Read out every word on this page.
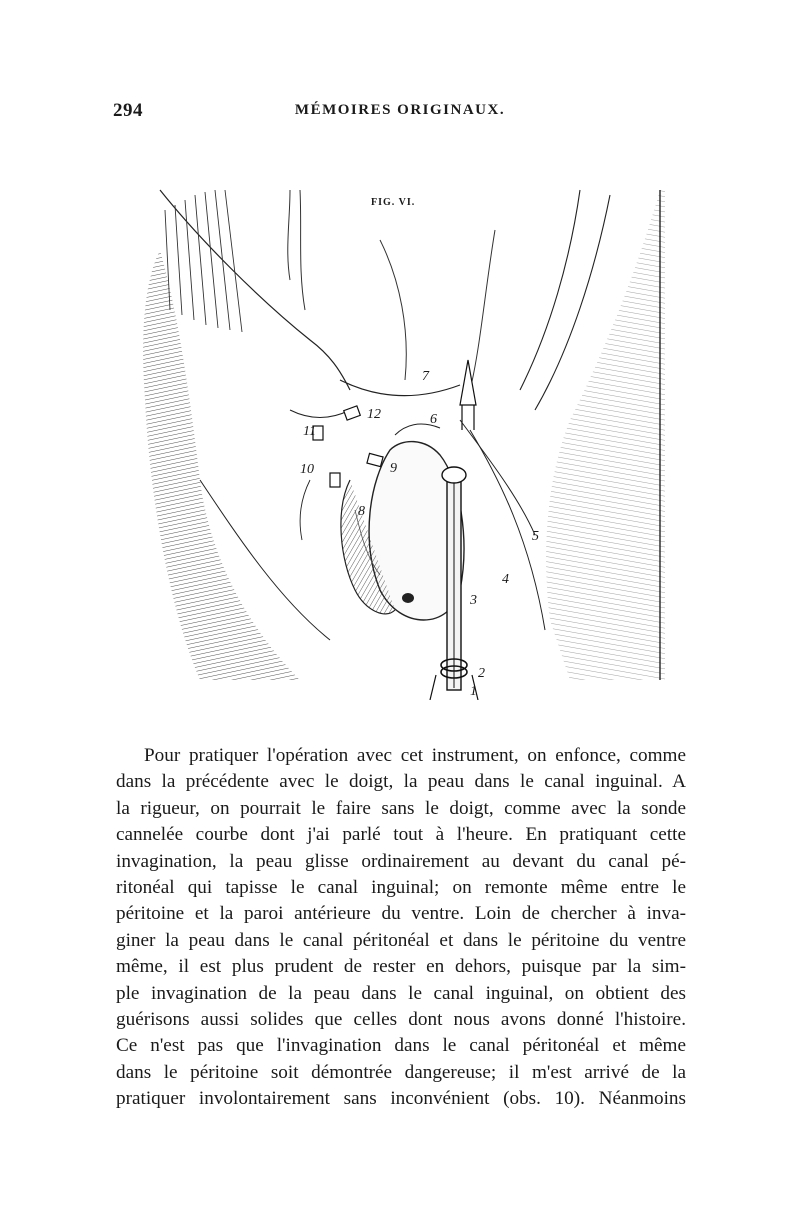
294	MÉMOIRES ORIGINAUX.
1
2
3
4
5
6
7
8
9
10
11
12
FIG. VI.
Pour pratiquer l'opération avec cet instrument, on enfonce, comme
dans la précédente avec le doigt, la peau dans le canal inguinal. A
la rigueur, on pourrait le faire sans le doigt, comme avec la sonde
cannelée courbe dont j'ai parlé tout à l'heure. En pratiquant cette
invagination, la peau glisse ordinairement au devant du canal pé-
ritonéal qui tapisse le canal inguinal; on remonte même entre le
péritoine et la paroi antérieure du ventre. Loin de chercher à inva-
giner la peau dans le canal péritonéal et dans le péritoine du ventre
même, il est plus prudent de rester en dehors, puisque par la sim-
ple invagination de la peau dans le canal inguinal, on obtient des
guérisons aussi solides que celles dont nous avons donné l'histoire.
Ce n'est pas que l'invagination dans le canal péritonéal et même
dans le péritoine soit démontrée dangereuse; il m'est arrivé de la
pratiquer involontairement sans inconvénient (obs. 10). Néanmoins
